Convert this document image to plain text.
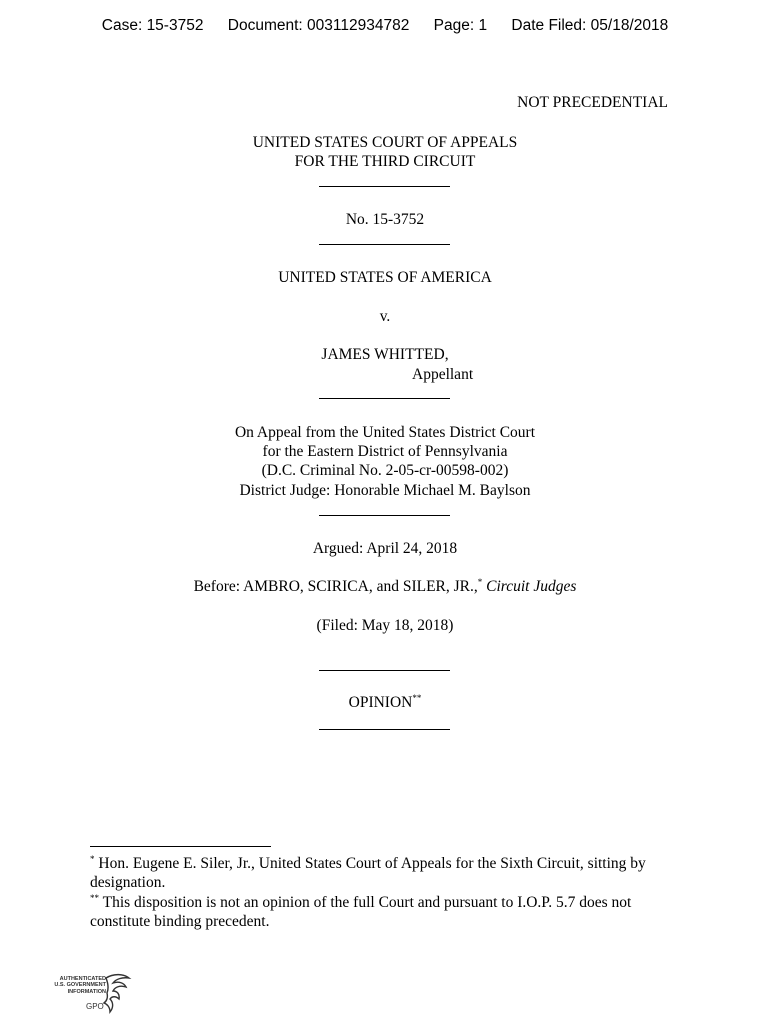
Case: 15-3752 Document: 003112934782 Page: 1 Date Filed: 05/18/2018
NOT PRECEDENTIAL
UNITED STATES COURT OF APPEALS
FOR THE THIRD CIRCUIT
No. 15-3752
UNITED STATES OF AMERICA
v.
JAMES WHITTED,
Appellant
On Appeal from the United States District Court
for the Eastern District of Pennsylvania
(D.C. Criminal No. 2-05-cr-00598-002)
District Judge: Honorable Michael M. Baylson
Argued: April 24, 2018
Before: AMBRO, SCIRICA, and SILER, JR.,* Circuit Judges
(Filed: May 18, 2018)
OPINION**
* Hon. Eugene E. Siler, Jr., United States Court of Appeals for the Sixth Circuit, sitting by designation.
** This disposition is not an opinion of the full Court and pursuant to I.O.P. 5.7 does not constitute binding precedent.
AUTHENTICATED
U.S. GOVERNMENT
INFORMATION
GPO
